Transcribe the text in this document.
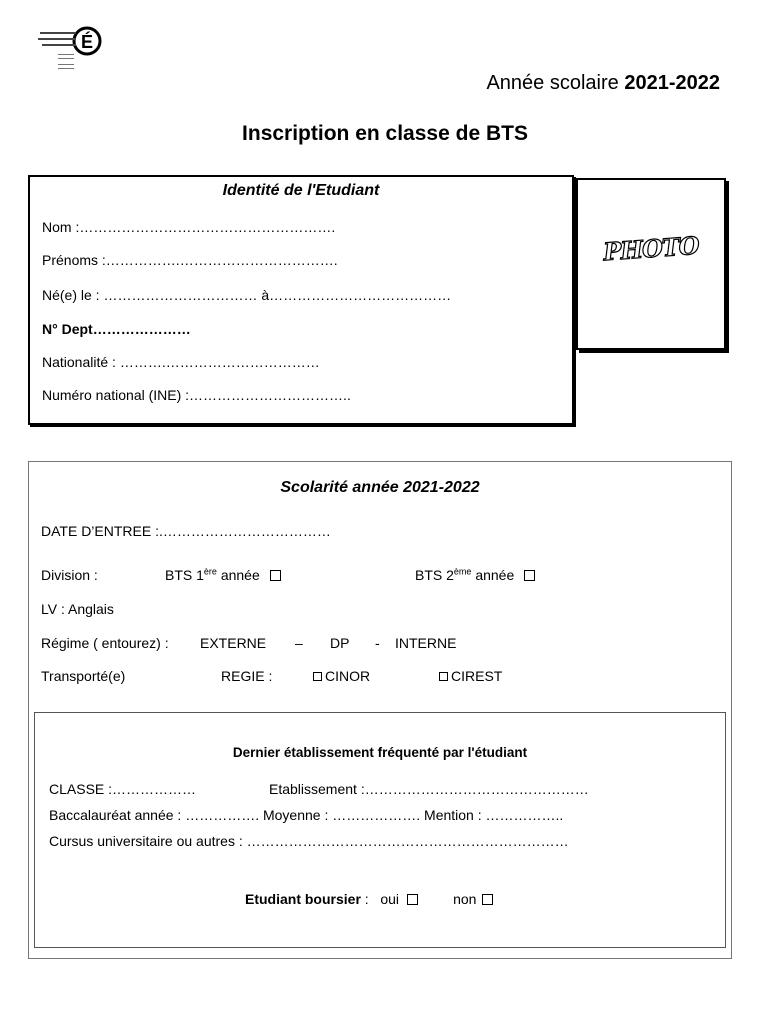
É
Année scolaire 2021-2022
Inscription en classe de BTS
Identité de l'Etudiant
Nom :……………………………………………….
Prénoms :…………….…………………………….
Né(e) le : …………………………… à…………………………………
N° Dept…………………
Nationalité : ……….……………………………
Numéro national (INE) :……………………………..
PHOTO
Scolarité année 2021-2022
DATE D’ENTREE :.………………………………
Division :	BTS 1ère année	BTS 2ème année
LV : Anglais
Régime ( entourez) : EXTERNE – DP - INTERNE
Transporté(e)	REGIE :	CINOR	CIREST
Dernier établissement fréquenté par l'étudiant
CLASSE :………………	Etablissement :…………………………………………
Baccalauréat année : ……………. Moyenne : ………………. Mention : ……………..
Cursus universitaire ou autres : ……………………………………………………………
Etudiant boursier : oui	non
